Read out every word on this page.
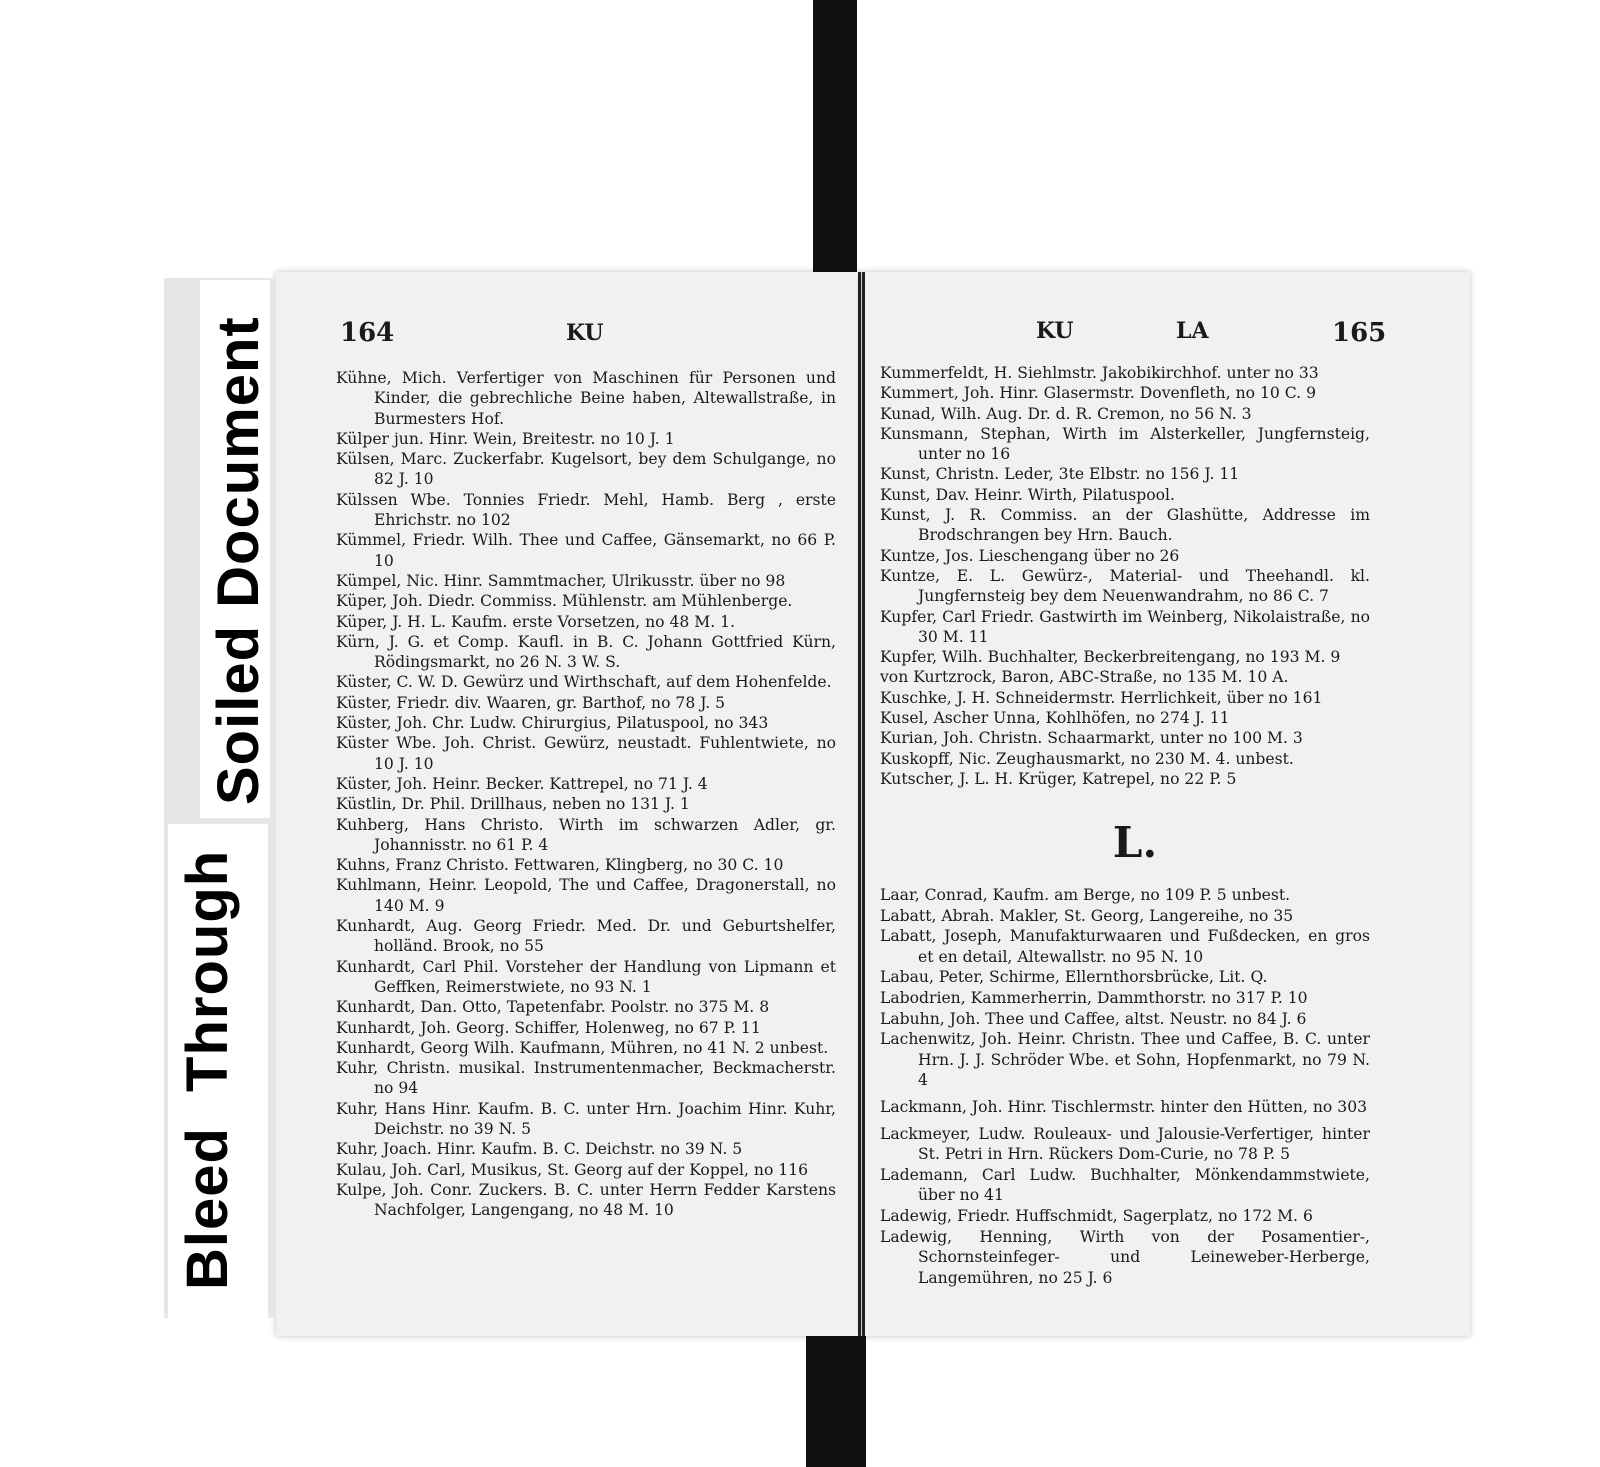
Soiled Document
Bleed Through
164	KU	KU	LA	165

Kühne, Mich. Verfertiger von Maschinen für Personen und Kinder, die gebrechliche Beine haben, Altewallstraße, in Burmesters Hof.

Külper jun. Hinr. Wein, Breitestr. no 10 J. 1

Külsen, Marc. Zuckerfabr. Kugelsort, bey dem Schulgange, no 82 J. 10

Külssen Wbe. Tonnies Friedr. Mehl, Hamb. Berg , erste Ehrichstr. no 102

Kümmel, Friedr. Wilh. Thee und Caffee, Gänsemarkt, no 66 P. 10

Kümpel, Nic. Hinr. Sammtmacher, Ulrikusstr. über no 98

Küper, Joh. Diedr. Commiss. Mühlenstr. am Mühlenberge.

Küper, J. H. L. Kaufm. erste Vorsetzen, no 48 M. 1.

Kürn, J. G. et Comp. Kaufl. in B. C. Johann Gottfried Kürn, Rödingsmarkt, no 26 N. 3 W. S.

Küster, C. W. D. Gewürz und Wirthschaft, auf dem Hohenfelde.

Küster, Friedr. div. Waaren, gr. Barthof, no 78 J. 5

Küster, Joh. Chr. Ludw. Chirurgius, Pilatuspool, no 343

Küster Wbe. Joh. Christ. Gewürz, neustadt. Fuhlentwiete, no 10 J. 10

Küster, Joh. Heinr. Becker. Kattrepel, no 71 J. 4

Küstlin, Dr. Phil. Drillhaus, neben no 131 J. 1

Kuhberg, Hans Christo. Wirth im schwarzen Adler, gr. Johannisstr. no 61 P. 4

Kuhns, Franz Christo. Fettwaren, Klingberg, no 30 C. 10

Kuhlmann, Heinr. Leopold, The und Caffee, Dragonerstall, no 140 M. 9

Kunhardt, Aug. Georg Friedr. Med. Dr. und Geburtshelfer, holländ. Brook, no 55

Kunhardt, Carl Phil. Vorsteher der Handlung von Lipmann et Geffken, Reimerstwiete, no 93 N. 1

Kunhardt, Dan. Otto, Tapetenfabr. Poolstr. no 375 M. 8

Kunhardt, Joh. Georg. Schiffer, Holenweg, no 67 P. 11

Kunhardt, Georg Wilh. Kaufmann, Mühren, no 41 N. 2 unbest.

Kuhr, Christn. musikal. Instrumentenmacher, Beckmacherstr. no 94

Kuhr, Hans Hinr. Kaufm. B. C. unter Hrn. Joachim Hinr. Kuhr, Deichstr. no 39 N. 5

Kuhr, Joach. Hinr. Kaufm. B. C. Deichstr. no 39 N. 5

Kulau, Joh. Carl, Musikus, St. Georg auf der Koppel, no 116

Kulpe, Joh. Conr. Zuckers. B. C. unter Herrn Fedder Karstens Nachfolger, Langengang, no 48 M. 10

Kummerfeldt, H. Siehlmstr. Jakobikirchhof. unter no 33

Kummert, Joh. Hinr. Glasermstr. Dovenfleth, no 10 C. 9

Kunad, Wilh. Aug. Dr. d. R. Cremon, no 56 N. 3

Kunsmann, Stephan, Wirth im Alsterkeller, Jungfernsteig, unter no 16

Kunst, Christn. Leder, 3te Elbstr. no 156 J. 11

Kunst, Dav. Heinr. Wirth, Pilatuspool.

Kunst, J. R. Commiss. an der Glashütte, Addresse im Brodschrangen bey Hrn. Bauch.

Kuntze, Jos. Lieschengang über no 26

Kuntze, E. L. Gewürz-, Material- und Theehandl. kl. Jungfernsteig bey dem Neuenwandrahm, no 86 C. 7

Kupfer, Carl Friedr. Gastwirth im Weinberg, Nikolaistraße, no 30 M. 11

Kupfer, Wilh. Buchhalter, Beckerbreitengang, no 193 M. 9

von Kurtzrock, Baron, ABC-Straße, no 135 M. 10 A.

Kuschke, J. H. Schneidermstr. Herrlichkeit, über no 161

Kusel, Ascher Unna, Kohlhöfen, no 274 J. 11

Kurian, Joh. Christn. Schaarmarkt, unter no 100 M. 3

Kuskopff, Nic. Zeughausmarkt, no 230 M. 4. unbest.

Kutscher, J. L. H. Krüger, Katrepel, no 22 P. 5

L.

Laar, Conrad, Kaufm. am Berge, no 109 P. 5 unbest.

Labatt, Abrah. Makler, St. Georg, Langereihe, no 35

Labatt, Joseph, Manufakturwaaren und Fußdecken, en gros et en detail, Altewallstr. no 95 N. 10

Labau, Peter, Schirme, Ellernthorsbrücke, Lit. Q.

Labodrien, Kammerherrin, Dammthorstr. no 317 P. 10

Labuhn, Joh. Thee und Caffee, altst. Neustr. no 84 J. 6

Lachenwitz, Joh. Heinr. Christn. Thee und Caffee, B. C. unter Hrn. J. J. Schröder Wbe. et Sohn, Hopfenmarkt, no 79 N. 4

Lackmann, Joh. Hinr. Tischlermstr. hinter den Hütten, no 303

Lackmeyer, Ludw. Rouleaux- und Jalousie-Verfertiger, hinter St. Petri in Hrn. Rückers Dom-Curie, no 78 P. 5

Lademann, Carl Ludw. Buchhalter, Mönkendammstwiete, über no 41

Ladewig, Friedr. Huffschmidt, Sagerplatz, no 172 M. 6

Ladewig, Henning, Wirth von der Posamentier-, Schornsteinfeger- und Leineweber-Herberge, Langemühren, no 25 J. 6
